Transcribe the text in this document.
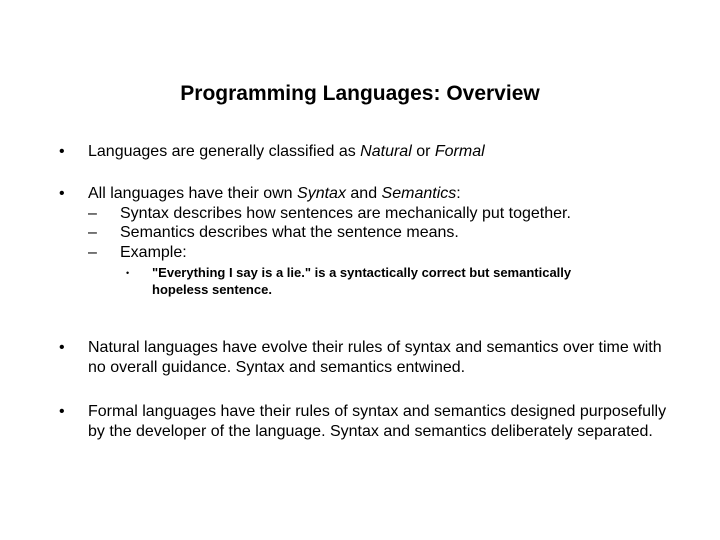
Programming Languages: Overview
•	Languages are generally classified as Natural or Formal
•	All languages have their own Syntax and Semantics:
–	Syntax describes how sentences are mechanically put together.
–	Semantics describes what the sentence means.
–	Example:
•	"Everything I say is a lie." is a syntactically correct but semantically hopeless sentence.
•	Natural languages have evolve their rules of syntax and semantics over time with no overall guidance. Syntax and semantics entwined.
•	Formal languages have their rules of syntax and semantics designed purposefully by the developer of the language. Syntax and semantics deliberately separated.
